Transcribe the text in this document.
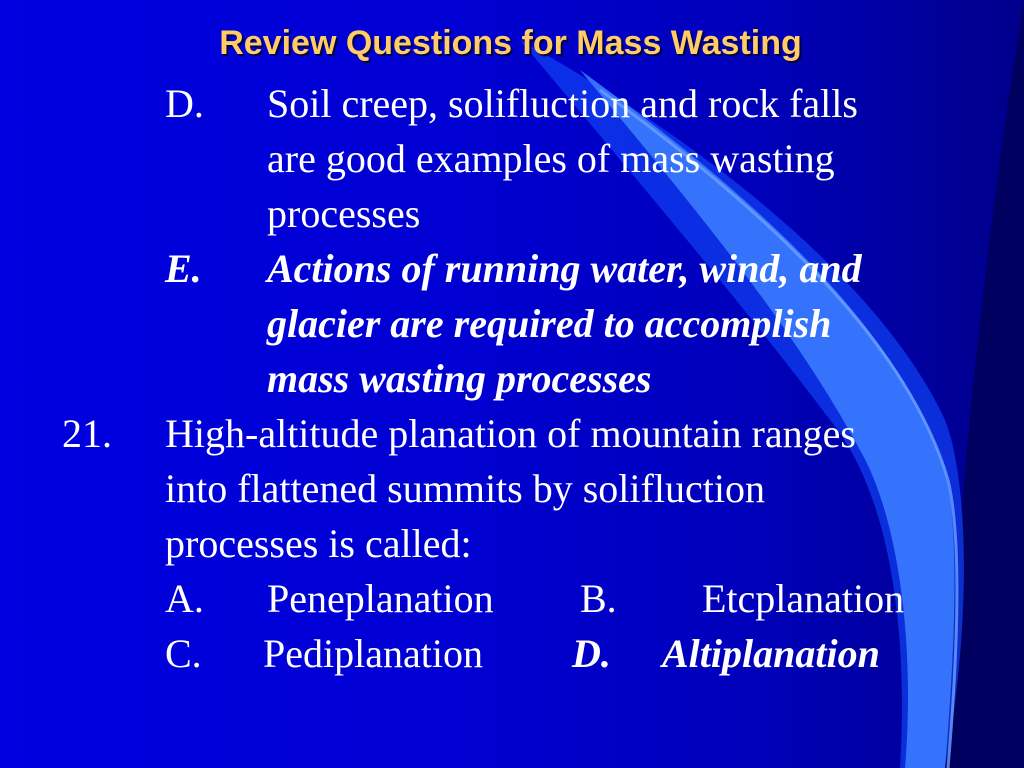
Review Questions for Mass Wasting
D. Soil creep, solifluction and rock falls
are good examples of mass wasting
processes
E. Actions of running water, wind, and
glacier are required to accomplish
mass wasting processes
21. High-altitude planation of mountain ranges
into flattened summits by solifluction
processes is called:
A. Peneplanation B. Etcplanation
C. Pediplanation D. Altiplanation
